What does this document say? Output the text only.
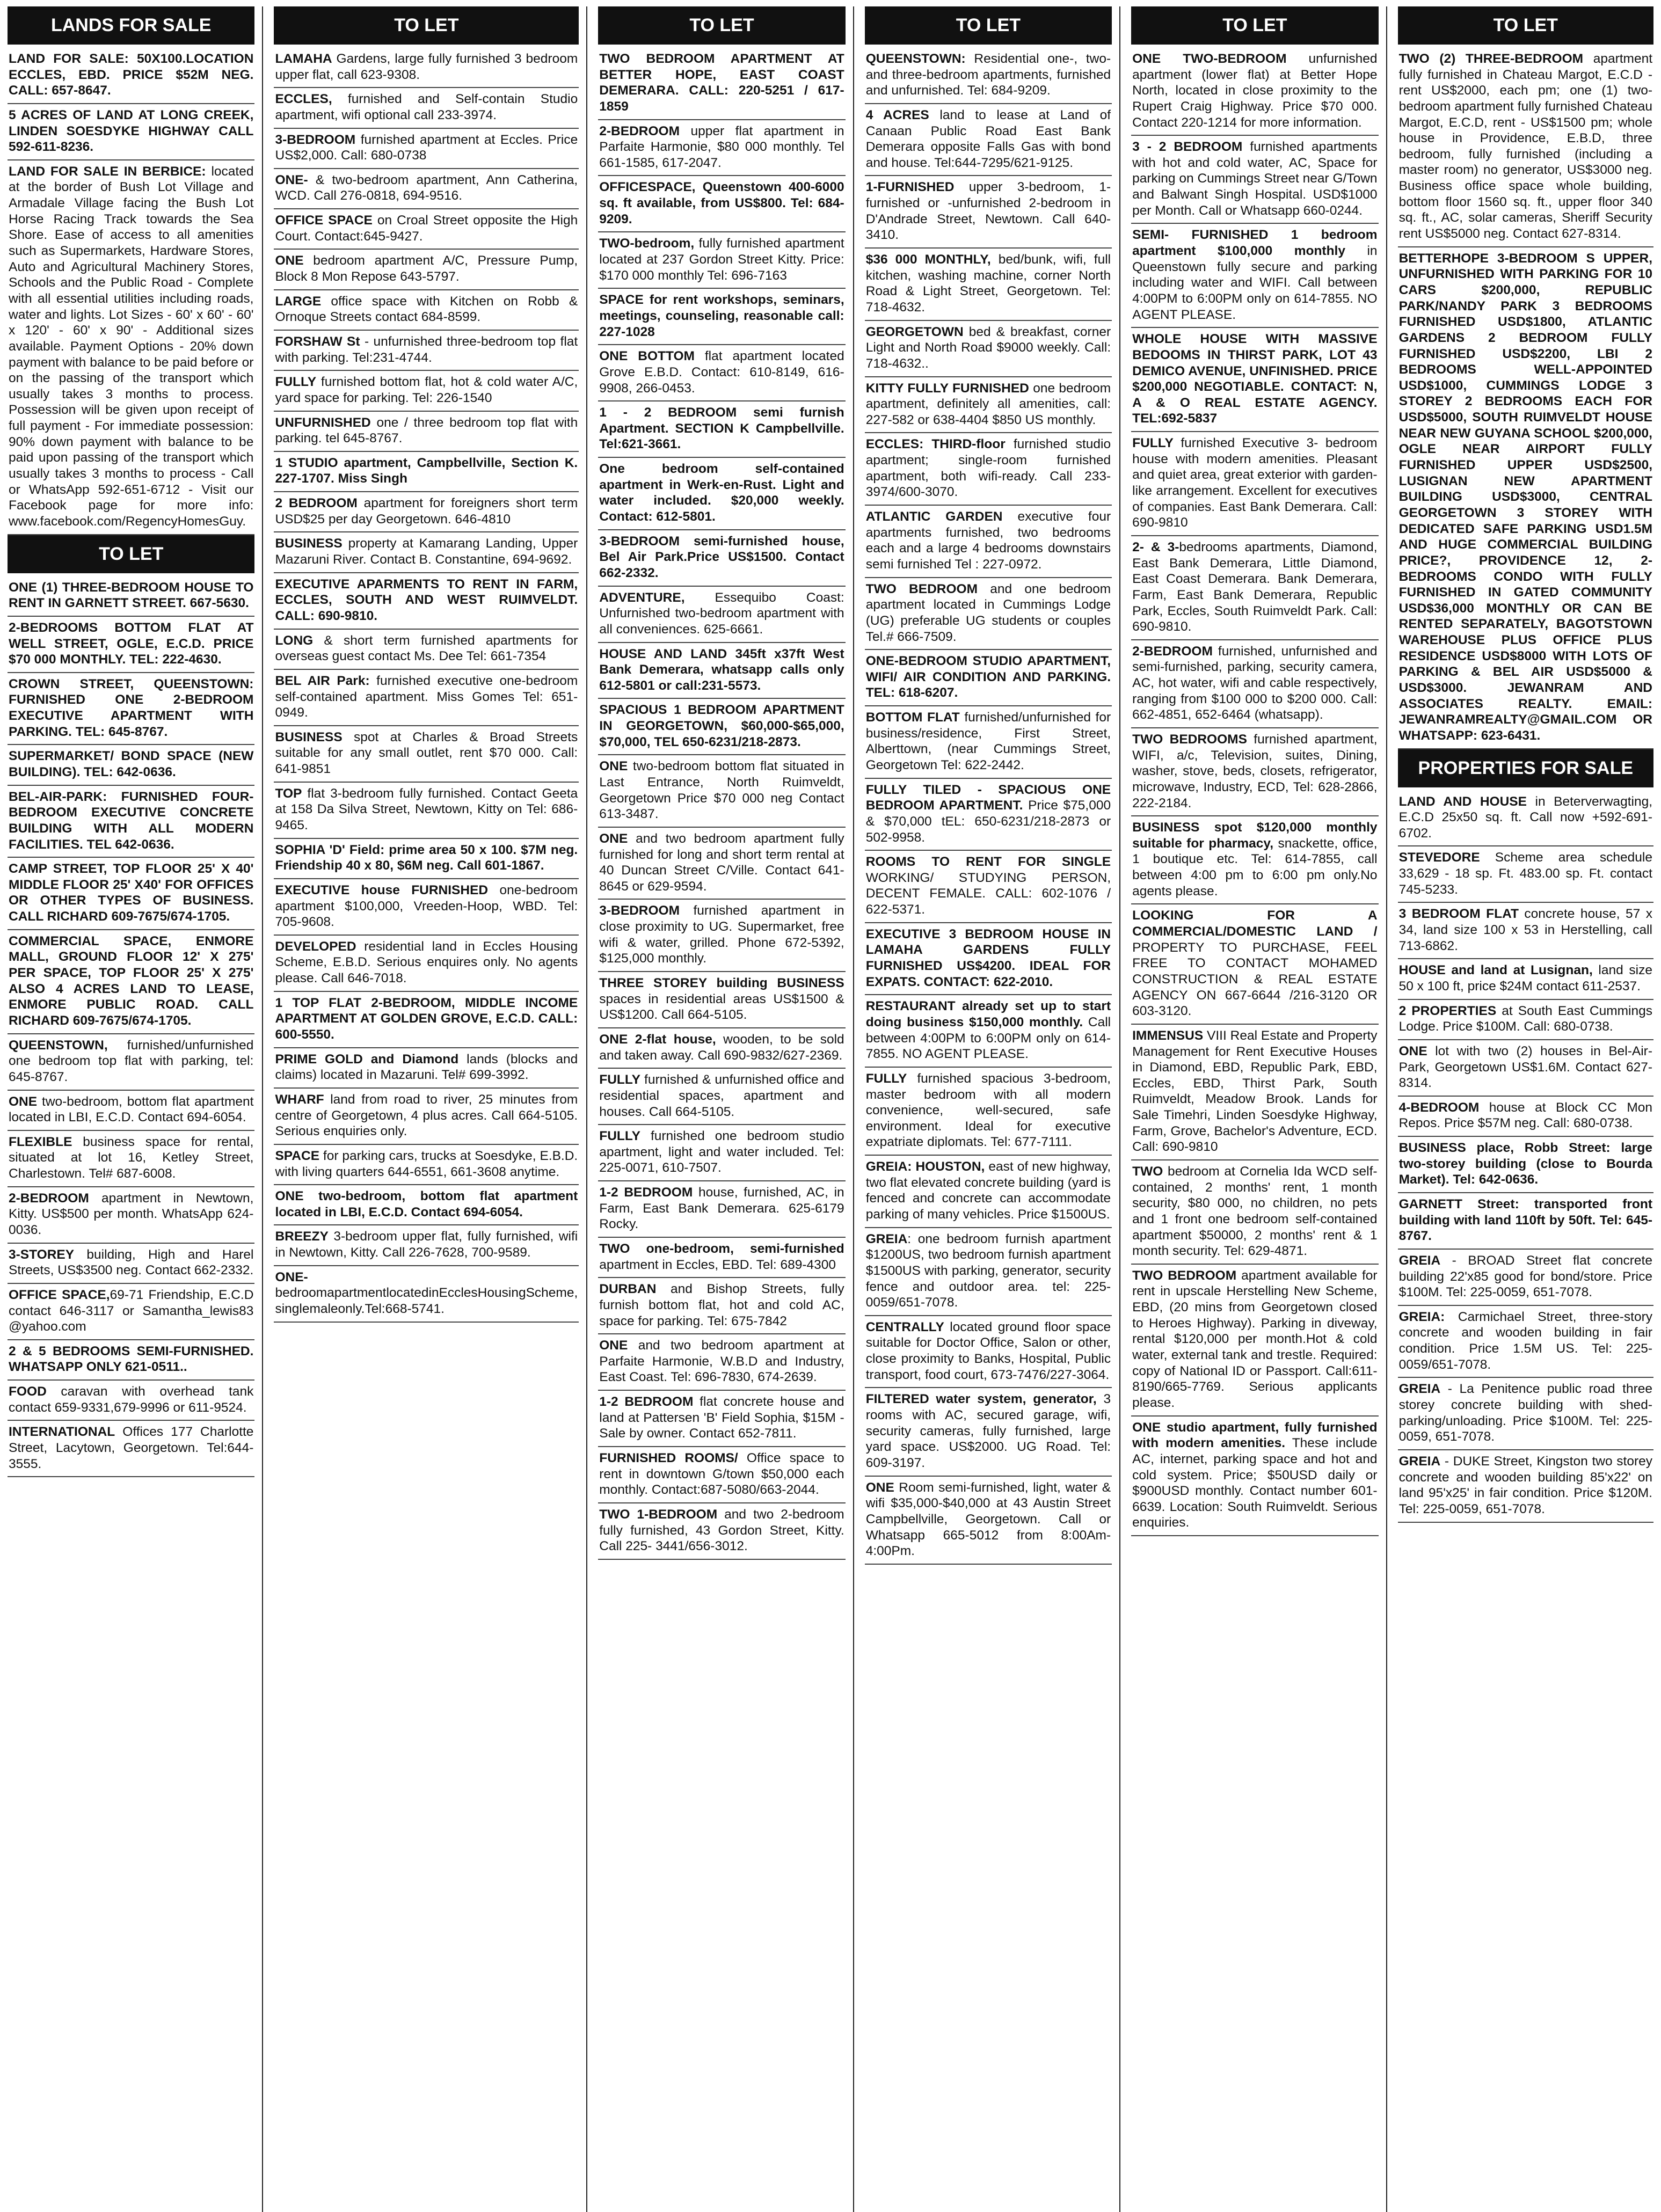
LANDS FOR SALE
LAND FOR SALE: 50X100.LOCATION ECCLES, EBD. PRICE $52M NEG. CALL: 657-8647.
5 ACRES OF LAND AT LONG CREEK, LINDEN SOESDYKE HIGHWAY CALL 592-611-8236.
LAND FOR SALE IN BERBICE: located at the border of Bush Lot Village and Armadale Village facing the Bush Lot Horse Racing Track towards the Sea Shore. Ease of access to all amenities such as Supermarkets, Hardware Stores, Auto and Agricultural Machinery Stores, Schools and the Public Road - Complete with all essential utilities including roads, water and lights. Lot Sizes - 60' x 60' - 60' x 120' - 60' x 90' - Additional sizes available. Payment Options - 20% down payment with balance to be paid before or on the passing of the transport which usually takes 3 months to process. Possession will be given upon receipt of full payment - For immediate possession: 90% down payment with balance to be paid upon passing of the transport which usually takes 3 months to process - Call or WhatsApp 592-651-6712 - Visit our Facebook page for more info: www.facebook.com/RegencyHomesGuy.
TO LET
ONE (1) THREE-BEDROOM HOUSE TO RENT IN GARNETT STREET. 667-5630.
2-BEDROOMS BOTTOM FLAT AT WELL STREET, OGLE, E.C.D. PRICE $70 000 MONTHLY. TEL: 222-4630.
CROWN STREET, QUEENSTOWN: FURNISHED ONE 2-BEDROOM EXECUTIVE APARTMENT WITH PARKING. TEL: 645-8767.
SUPERMARKET/ BOND SPACE (NEW BUILDING). TEL: 642-0636.
BEL-AIR-PARK: FURNISHED FOUR-BEDROOM EXECUTIVE CONCRETE BUILDING WITH ALL MODERN FACILITIES. TEL 642-0636.
CAMP STREET, TOP FLOOR 25' X 40' MIDDLE FLOOR 25' X40' FOR OFFICES OR OTHER TYPES OF BUSINESS. CALL RICHARD 609-7675/674-1705.
COMMERCIAL SPACE, ENMORE MALL, GROUND FLOOR 12' X 275' PER SPACE, TOP FLOOR 25' X 275' ALSO 4 ACRES LAND TO LEASE, ENMORE PUBLIC ROAD. CALL RICHARD 609-7675/674-1705.
QUEENSTOWN, furnished/unfurnished one bedroom top flat with parking, tel: 645-8767.
ONE two-bedroom, bottom flat apartment located in LBI, E.C.D. Contact 694-6054.
FLEXIBLE business space for rental, situated at lot 16, Ketley Street, Charlestown. Tel# 687-6008.
2-BEDROOM apartment in Newtown, Kitty. US$500 per month. WhatsApp 624-0036.
3-STOREY building, High and Harel Streets, US$3500 neg. Contact 662-2332.
OFFICE SPACE,69-71 Friendship, E.C.D contact 646-3117 or Samantha_lewis83 @yahoo.com
2 & 5 BEDROOMS SEMI-FURNISHED. WHATSAPP ONLY 621-0511..
FOOD caravan with overhead tank contact 659-9331,679-9996 or 611-9524.
INTERNATIONAL Offices 177 Charlotte Street, Lacytown, Georgetown. Tel:644-3555.
TO LET
LAMAHA Gardens, large fully furnished 3 bedroom upper flat, call 623-9308.
ECCLES, furnished and Self-contain Studio apartment, wifi optional call 233-3974.
3-BEDROOM furnished apartment at Eccles. Price US$2,000. Call: 680-0738
ONE- & two-bedroom apartment, Ann Catherina, WCD. Call 276-0818, 694-9516.
OFFICE SPACE on Croal Street opposite the High Court. Contact:645-9427.
ONE bedroom apartment A/C, Pressure Pump, Block 8 Mon Repose 643-5797.
LARGE office space with Kitchen on Robb & Ornoque Streets contact 684-8599.
FORSHAW St - unfurnished three-bedroom top flat with parking. Tel:231-4744.
FULLY furnished bottom flat, hot & cold water A/C, yard space for parking. Tel: 226-1540
UNFURNISHED one / three bedroom top flat with parking. tel 645-8767.
1 STUDIO apartment, Campbellville, Section K. 227-1707. Miss Singh
2 BEDROOM apartment for foreigners short term USD$25 per day Georgetown. 646-4810
BUSINESS property at Kamarang Landing, Upper Mazaruni River. Contact B. Constantine, 694-9692.
EXECUTIVE APARMENTS TO RENT IN FARM, ECCLES, SOUTH AND WEST RUIMVELDT. CALL: 690-9810.
LONG & short term furnished apartments for overseas guest contact Ms. Dee Tel: 661-7354
BEL AIR Park: furnished executive one-bedroom self-contained apartment. Miss Gomes Tel: 651-0949.
BUSINESS spot at Charles & Broad Streets suitable for any small outlet, rent $70 000. Call: 641-9851
TOP flat 3-bedroom fully furnished. Contact Geeta at 158 Da Silva Street, Newtown, Kitty on Tel: 686-9465.
SOPHIA 'D' Field: prime area 50 x 100. $7M neg. Friendship 40 x 80, $6M neg. Call 601-1867.
EXECUTIVE house FURNISHED one-bedroom apartment $100,000, Vreeden-Hoop, WBD. Tel: 705-9608.
DEVELOPED residential land in Eccles Housing Scheme, E.B.D. Serious enquires only. No agents please. Call 646-7018.
1 TOP FLAT 2-BEDROOM, MIDDLE INCOME APARTMENT AT GOLDEN GROVE, E.C.D. CALL: 600-5550.
PRIME GOLD and Diamond lands (blocks and claims) located in Mazaruni. Tel# 699-3992.
WHARF land from road to river, 25 minutes from centre of Georgetown, 4 plus acres. Call 664-5105. Serious enquiries only.
SPACE for parking cars, trucks at Soesdyke, E.B.D. with living quarters 644-6551, 661-3608 anytime.
ONE two-bedroom, bottom flat apartment located in LBI, E.C.D. Contact 694-6054.
BREEZY 3-bedroom upper flat, fully furnished, wifi in Newtown, Kitty. Call 226-7628, 700-9589.
ONE-bedroomapartmentlocatedinEcclesHousingScheme, singlemaleonly.Tel:668-5741.
TO LET
TWO BEDROOM APARTMENT AT BETTER HOPE, EAST COAST DEMERARA. CALL: 220-5251 / 617-1859
2-BEDROOM upper flat apartment in Parfaite Harmonie, $80 000 monthly. Tel 661-1585, 617-2047.
OFFICESPACE, Queenstown 400-6000 sq. ft available, from US$800. Tel: 684-9209.
TWO-bedroom, fully furnished apartment located at 237 Gordon Street Kitty. Price: $170 000 monthly Tel: 696-7163
SPACE for rent workshops, seminars, meetings, counseling, reasonable call: 227-1028
ONE BOTTOM flat apartment located Grove E.B.D. Contact: 610-8149, 616-9908, 266-0453.
1 - 2 BEDROOM semi furnish Apartment. SECTION K Campbellville. Tel:621-3661.
One bedroom self-contained apartment in Werk-en-Rust. Light and water included. $20,000 weekly. Contact: 612-5801.
3-BEDROOM semi-furnished house, Bel Air Park.Price US$1500. Contact 662-2332.
ADVENTURE, Essequibo Coast: Unfurnished two-bedroom apartment with all conveniences. 625-6661.
HOUSE AND LAND 345ft x37ft West Bank Demerara, whatsapp calls only 612-5801 or call:231-5573.
SPACIOUS 1 BEDROOM APARTMENT IN GEORGETOWN, $60,000-$65,000, $70,000, TEL 650-6231/218-2873.
ONE two-bedroom bottom flat situated in Last Entrance, North Ruimveldt, Georgetown Price $70 000 neg Contact 613-3487.
ONE and two bedroom apartment fully furnished for long and short term rental at 40 Duncan Street C/Ville. Contact 641-8645 or 629-9594.
3-BEDROOM furnished apartment in close proximity to UG. Supermarket, free wifi & water, grilled. Phone 672-5392, $125,000 monthly.
THREE STOREY building BUSINESS spaces in residential areas US$1500 & US$1200. Call 664-5105.
ONE 2-flat house, wooden, to be sold and taken away. Call 690-9832/627-2369.
FULLY furnished & unfurnished office and residential spaces, apartment and houses. Call 664-5105.
FULLY furnished one bedroom studio apartment, light and water included. Tel: 225-0071, 610-7507.
1-2 BEDROOM house, furnished, AC, in Farm, East Bank Demerara. 625-6179 Rocky.
TWO one-bedroom, semi-furnished apartment in Eccles, EBD. Tel: 689-4300
DURBAN and Bishop Streets, fully furnish bottom flat, hot and cold AC, space for parking. Tel: 675-7842
ONE and two bedroom apartment at Parfaite Harmonie, W.B.D and Industry, East Coast. Tel: 696-7830, 674-2639.
1-2 BEDROOM flat concrete house and land at Pattersen 'B' Field Sophia, $15M - Sale by owner. Contact 652-7811.
FURNISHED ROOMS/ Office space to rent in downtown G/town $50,000 each monthly. Contact:687-5080/663-2044.
TWO 1-BEDROOM and two 2-bedroom fully furnished, 43 Gordon Street, Kitty. Call 225- 3441/656-3012.
TO LET
QUEENSTOWN: Residential one-, two- and three-bedroom apartments, furnished and unfurnished. Tel: 684-9209.
4 ACRES land to lease at Land of Canaan Public Road East Bank Demerara opposite Falls Gas with bond and house. Tel:644-7295/621-9125.
1-FURNISHED upper 3-bedroom, 1-furnished or -unfurnished 2-bedroom in D'Andrade Street, Newtown. Call 640-3410.
$36 000 MONTHLY, bed/bunk, wifi, full kitchen, washing machine, corner North Road & Light Street, Georgetown. Tel: 718-4632.
GEORGETOWN bed & breakfast, corner Light and North Road $9000 weekly. Call: 718-4632..
KITTY FULLY FURNISHED one bedroom apartment, definitely all amenities, call: 227-582 or 638-4404 $850 US monthly.
ECCLES: THIRD-floor furnished studio apartment; single-room furnished apartment, both wifi-ready. Call 233-3974/600-3070.
ATLANTIC GARDEN executive four apartments furnished, two bedrooms each and a large 4 bedrooms downstairs semi furnished Tel : 227-0972.
TWO BEDROOM and one bedroom apartment located in Cummings Lodge (UG) preferable UG students or couples Tel.# 666-7509.
ONE-BEDROOM STUDIO APARTMENT, WIFI/ AIR CONDITION AND PARKING. TEL: 618-6207.
BOTTOM FLAT furnished/unfurnished for business/residence, First Street, Alberttown, (near Cummings Street, Georgetown Tel: 622-2442.
FULLY TILED - SPACIOUS ONE BEDROOM APARTMENT. Price $75,000 & $70,000 tEL: 650-6231/218-2873 or 502-9958.
ROOMS TO RENT FOR SINGLE WORKING/ STUDYING PERSON, DECENT FEMALE. CALL: 602-1076 / 622-5371.
EXECUTIVE 3 BEDROOM HOUSE IN LAMAHA GARDENS FULLY FURNISHED US$4200. IDEAL FOR EXPATS. CONTACT: 622-2010.
RESTAURANT already set up to start doing business $150,000 monthly. Call between 4:00PM to 6:00PM only on 614-7855. NO AGENT PLEASE.
FULLY furnished spacious 3-bedroom, master bedroom with all modern convenience, well-secured, safe environment. Ideal for executive expatriate diplomats. Tel: 677-7111.
GREIA: HOUSTON, east of new highway, two flat elevated concrete building (yard is fenced and concrete can accommodate parking of many vehicles. Price $1500US.
GREIA: one bedroom furnish apartment $1200US, two bedroom furnish apartment $1500US with parking, generator, security fence and outdoor area. tel: 225-0059/651-7078.
CENTRALLY located ground floor space suitable for Doctor Office, Salon or other, close proximity to Banks, Hospital, Public transport, food court, 673-7476/227-3064.
FILTERED water system, generator, 3 rooms with AC, secured garage, wifi, security cameras, fully furnished, large yard space. US$2000. UG Road. Tel: 609-3197.
ONE Room semi-furnished, light, water & wifi $35,000-$40,000 at 43 Austin Street Campbellville, Georgetown. Call or Whatsapp 665-5012 from 8:00Am-4:00Pm.
TO LET
ONE TWO-BEDROOM unfurnished apartment (lower flat) at Better Hope North, located in close proximity to the Rupert Craig Highway. Price $70 000. Contact 220-1214 for more information.
3 - 2 BEDROOM furnished apartments with hot and cold water, AC, Space for parking on Cummings Street near G/Town and Balwant Singh Hospital. USD$1000 per Month. Call or Whatsapp 660-0244.
SEMI- FURNISHED 1 bedroom apartment $100,000 monthly in Queenstown fully secure and parking including water and WIFI. Call between 4:00PM to 6:00PM only on 614-7855. NO AGENT PLEASE.
WHOLE HOUSE WITH MASSIVE BEDOOMS IN THIRST PARK, LOT 43 DEMICO AVENUE, UNFINISHED. PRICE $200,000 NEGOTIABLE. CONTACT: N, A & O REAL ESTATE AGENCY. TEL:692-5837
FULLY furnished Executive 3- bedroom house with modern amenities. Pleasant and quiet area, great exterior with garden- like arrangement. Excellent for executives of companies. East Bank Demerara. Call: 690-9810
2- & 3-bedrooms apartments, Diamond, East Bank Demerara, Little Diamond, East Coast Demerara. Bank Demerara, Farm, East Bank Demerara, Republic Park, Eccles, South Ruimveldt Park. Call: 690-9810.
2-BEDROOM furnished, unfurnished and semi-furnished, parking, security camera, AC, hot water, wifi and cable respectively, ranging from $100 000 to $200 000. Call: 662-4851, 652-6464 (whatsapp).
TWO BEDROOMS furnished apartment, WIFI, a/c, Television, suites, Dining, washer, stove, beds, closets, refrigerator, microwave, Industry, ECD, Tel: 628-2866, 222-2184.
BUSINESS spot $120,000 monthly suitable for pharmacy, snackette, office, 1 boutique etc. Tel: 614-7855, call between 4:00 pm to 6:00 pm only.No agents please.
LOOKING FOR A COMMERCIAL/DOMESTIC LAND / PROPERTY TO PURCHASE, FEEL FREE TO CONTACT MOHAMED CONSTRUCTION & REAL ESTATE AGENCY ON 667-6644 /216-3120 OR 603-3120.
IMMENSUS VIII Real Estate and Property Management for Rent Executive Houses in Diamond, EBD, Republic Park, EBD, Eccles, EBD, Thirst Park, South Ruimveldt, Meadow Brook. Lands for Sale Timehri, Linden Soesdyke Highway, Farm, Grove, Bachelor's Adventure, ECD. Call: 690-9810
TWO bedroom at Cornelia Ida WCD self-contained, 2 months' rent, 1 month security, $80 000, no children, no pets and 1 front one bedroom self-contained apartment $50000, 2 months' rent & 1 month security. Tel: 629-4871.
TWO BEDROOM apartment available for rent in upscale Herstelling New Scheme, EBD, (20 mins from Georgetown closed to Heroes Highway). Parking in diveway, rental $120,000 per month.Hot & cold water, external tank and trestle. Required: copy of National ID or Passport. Call:611-8190/665-7769. Serious applicants please.
ONE studio apartment, fully furnished with modern amenities. These include AC, internet, parking space and hot and cold system. Price; $50USD daily or $900USD monthly. Contact number 601-6639. Location: South Ruimveldt. Serious enquiries.
TO LET
TWO (2) THREE-BEDROOM apartment fully furnished in Chateau Margot, E.C.D - rent US$2000, each pm; one (1) two-bedroom apartment fully furnished Chateau Margot, E.C.D, rent - US$1500 pm; whole house in Providence, E.B.D, three bedroom, fully furnished (including a master room) no generator, US$3000 neg. Business office space whole building, bottom floor 1560 sq. ft., upper floor 340 sq. ft., AC, solar cameras, Sheriff Security rent US$5000 neg. Contact 627-8314.
BETTERHOPE 3-BEDROOM S UPPER, UNFURNISHED WITH PARKING FOR 10 CARS $200,000, REPUBLIC PARK/NANDY PARK 3 BEDROOMS FURNISHED USD$1800, ATLANTIC GARDENS 2 BEDROOM FULLY FURNISHED USD$2200, LBI 2 BEDROOMS WELL-APPOINTED USD$1000, CUMMINGS LODGE 3 STOREY 2 BEDROOMS EACH FOR USD$5000, SOUTH RUIMVELDT HOUSE NEAR NEW GUYANA SCHOOL $200,000, OGLE NEAR AIRPORT FULLY FURNISHED UPPER USD$2500, LUSIGNAN NEW APARTMENT BUILDING USD$3000, CENTRAL GEORGETOWN 3 STOREY WITH DEDICATED SAFE PARKING USD1.5M AND HUGE COMMERCIAL BUILDING PRICE?, PROVIDENCE 12, 2- BEDROOMS CONDO WITH FULLY FURNISHED IN GATED COMMUNITY USD$36,000 MONTHLY OR CAN BE RENTED SEPARATELY, BAGOTSTOWN WAREHOUSE PLUS OFFICE PLUS RESIDENCE USD$8000 WITH LOTS OF PARKING & BEL AIR USD$5000 & USD$3000. JEWANRAM AND ASSOCIATES REALTY. EMAIL: JEWANRAMREALTY@GMAIL.COM OR WHATSAPP: 623-6431.
PROPERTIES FOR SALE
LAND AND HOUSE in Beterverwagting, E.C.D 25x50 sq. ft. Call now +592-691-6702.
STEVEDORE Scheme area schedule 33,629 - 18 sp. Ft. 483.00 sp. Ft. contact 745-5233.
3 BEDROOM FLAT concrete house, 57 x 34, land size 100 x 53 in Herstelling, call 713-6862.
HOUSE and land at Lusignan, land size 50 x 100 ft, price $24M contact 611-2537.
2 PROPERTIES at South East Cummings Lodge. Price $100M. Call: 680-0738.
ONE lot with two (2) houses in Bel-Air-Park, Georgetown US$1.6M. Contact 627-8314.
4-BEDROOM house at Block CC Mon Repos. Price $57M neg. Call: 680-0738.
BUSINESS place, Robb Street: large two-storey building (close to Bourda Market). Tel: 642-0636.
GARNETT Street: transported front building with land 110ft by 50ft. Tel: 645-8767.
GREIA - BROAD Street flat concrete building 22'x85 good for bond/store. Price $100M. Tel: 225-0059, 651-7078.
GREIA: Carmichael Street, three-story concrete and wooden building in fair condition. Price 1.5M US. Tel: 225-0059/651-7078.
GREIA - La Penitence public road three storey concrete building with shed-parking/unloading. Price $100M. Tel: 225-0059, 651-7078.
GREIA - DUKE Street, Kingston two storey concrete and wooden building 85'x22' on land 95'x25' in fair condition. Price $120M. Tel: 225-0059, 651-7078.
